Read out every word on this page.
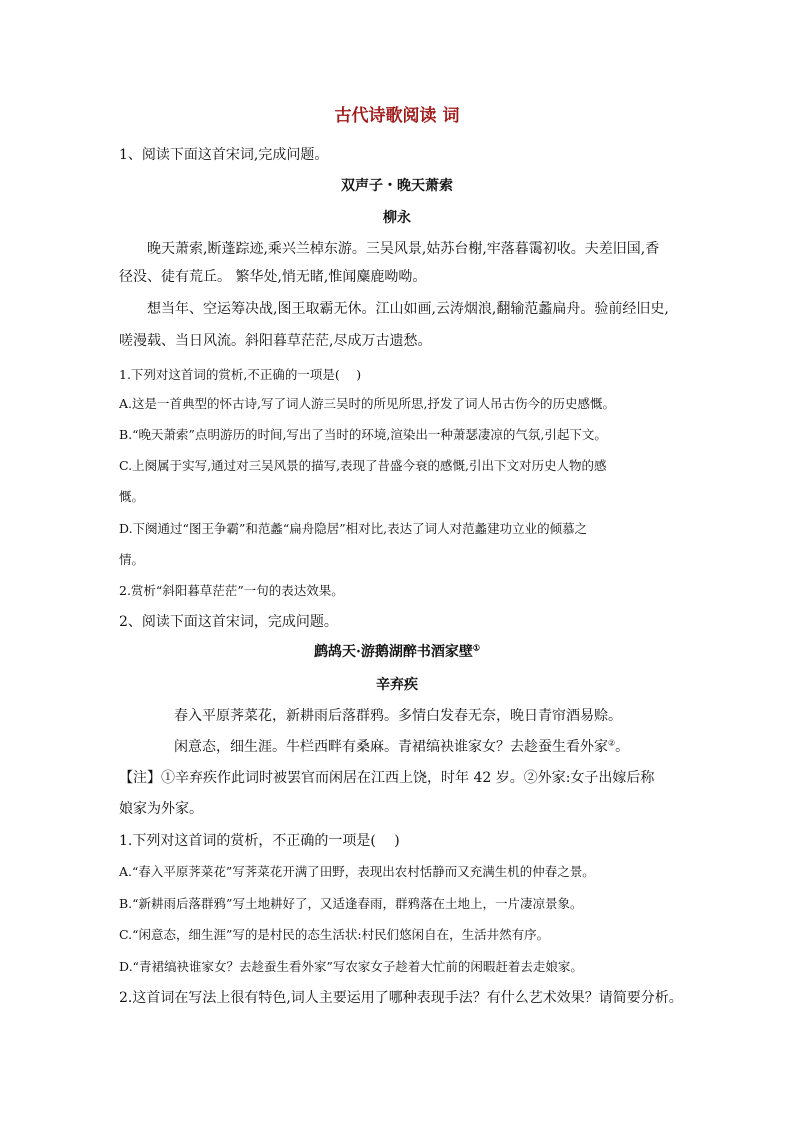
古代诗歌阅读 词
1、阅读下面这首宋词,完成问题。
双声子・晚天萧索
柳永
晚天萧索,断蓬踪迹,乘兴兰棹东游。三吴风景,姑苏台榭,牢落暮霭初收。夫差旧国,香
径没、徒有荒丘。 繁华处,悄无睹,惟闻麋鹿呦呦。
想当年、空运筹决战,图王取霸无休。江山如画,云涛烟浪,翻输范蠡扁舟。验前经旧史,
嗟漫载、当日风流。斜阳暮草茫茫,尽成万古遗愁。
1.下列对这首词的赏析,不正确的一项是(　 )
A.这是一首典型的怀古诗,写了词人游三吴时的所见所思,抒发了词人吊古伤今的历史感慨。
B.“晚天萧索”点明游历的时间,写出了当时的环境,渲染出一种萧瑟凄凉的气氛,引起下文。
C.上阕属于实写,通过对三吴风景的描写,表现了昔盛今衰的感慨,引出下文对历史人物的感
慨。
D.下阕通过“图王争霸”和范蠡“扁舟隐居”相对比,表达了词人对范蠡建功立业的倾慕之
情。
2.赏析“斜阳暮草茫茫”一句的表达效果。
2、阅读下面这首宋词，完成问题。
鹧鸪天·游鹅湖醉书酒家壁①
辛弃疾
春入平原荠菜花，新耕雨后落群鸦。多情白发春无奈，晚日青帘酒易赊。
闲意态，细生涯。牛栏西畔有桑麻。青裙缟袂谁家女？去趁蚕生看外家②。
【注】①辛弃疾作此词时被罢官而闲居在江西上饶，时年 42 岁。②外家:女子出嫁后称
娘家为外家。
1.下列对这首词的赏析，不正确的一项是(　 )
A.“春入平原荠菜花”写荠菜花开满了田野，表现出农村恬静而又充满生机的仲春之景。
B.“新耕雨后落群鸦”写土地耕好了，又适逢春雨，群鸦落在土地上，一片凄凉景象。
C.“闲意态，细生涯”写的是村民的态生活状:村民们悠闲自在，生活井然有序。
D.“青裙缟袂谁家女？去趁蚕生看外家”写农家女子趁着大忙前的闲暇赶着去走娘家。
2.这首词在写法上很有特色,词人主要运用了哪种表现手法？有什么艺术效果？请简要分析。
